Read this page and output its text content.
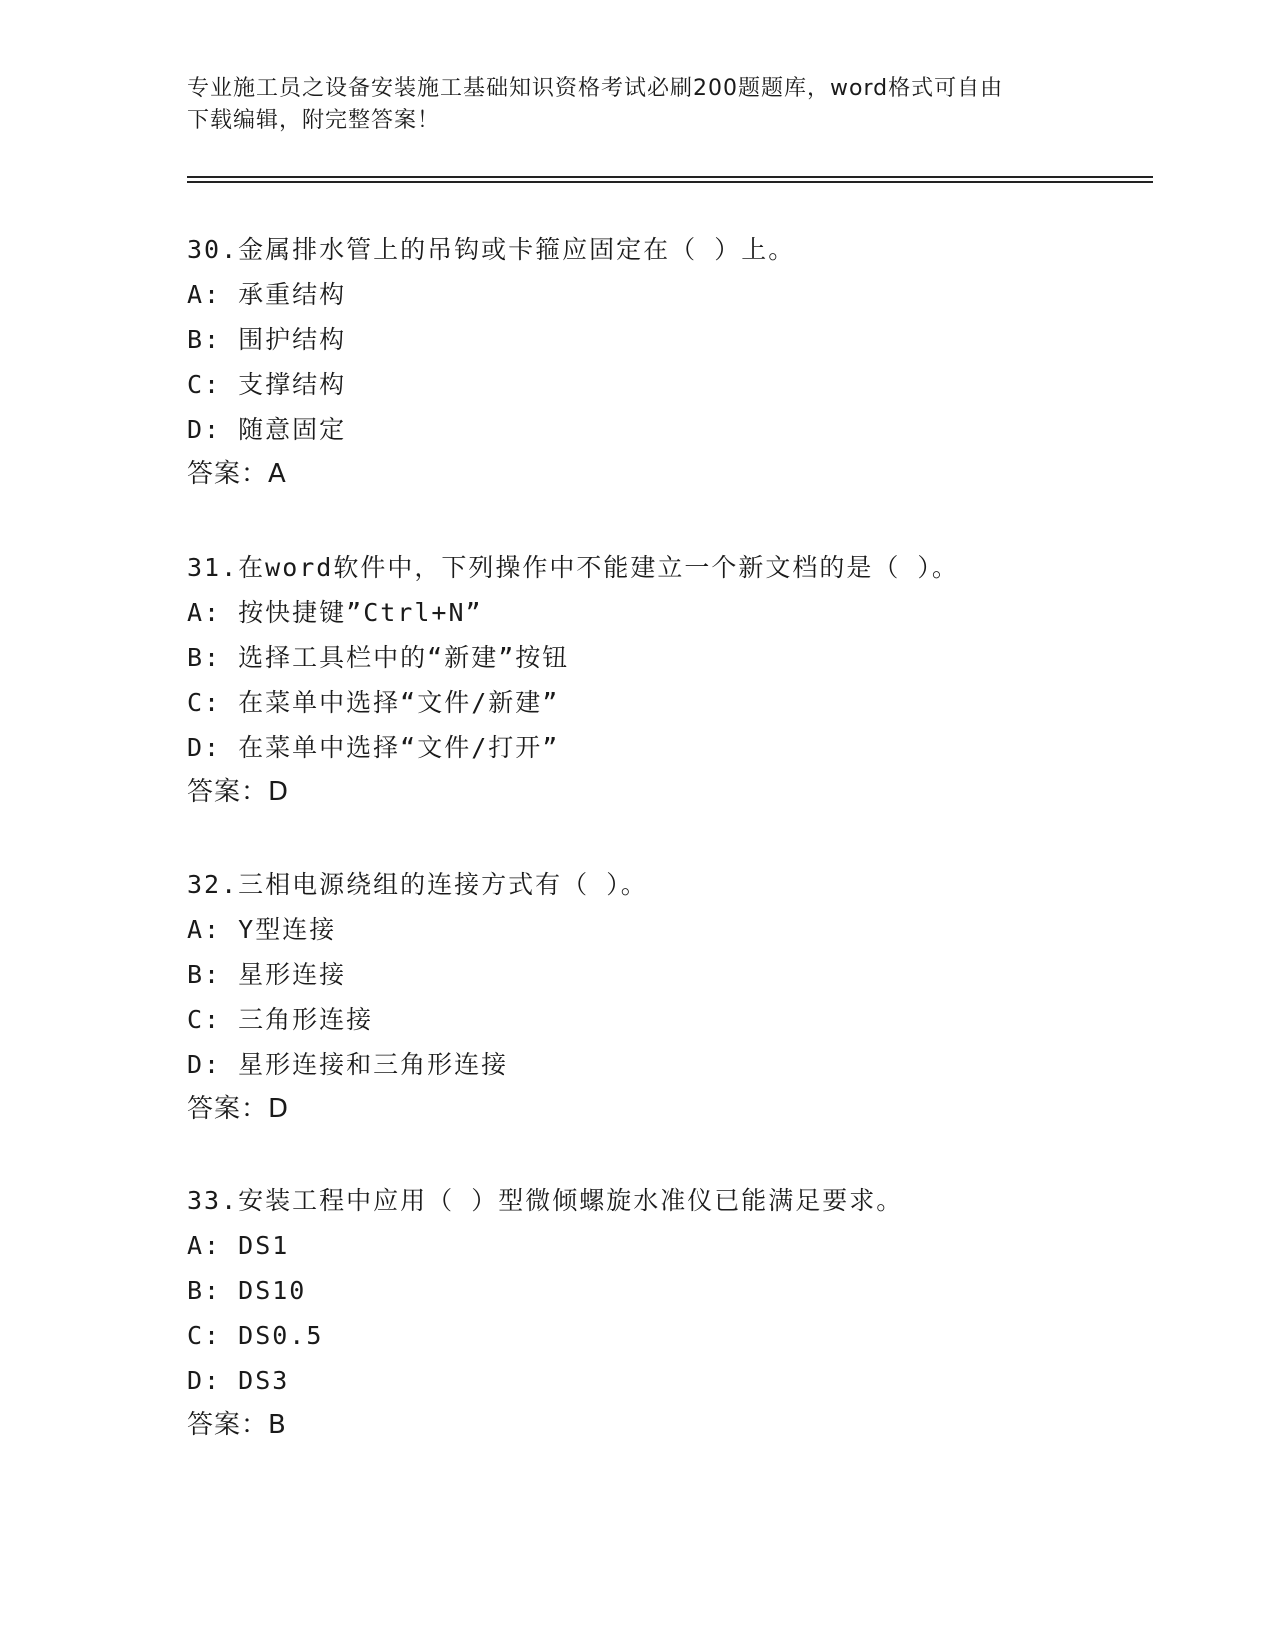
专业施工员之设备安装施工基础知识资格考试必刷200题题库，word格式可自由
下载编辑，附完整答案！
30.金属排水管上的吊钩或卡箍应固定在（ ）上。
A: 承重结构
B: 围护结构
C: 支撑结构
D: 随意固定
答案：A
31.在word软件中，下列操作中不能建立一个新文档的是（ ）。
A: 按快捷键”Ctrl+N”
B: 选择工具栏中的“新建”按钮
C: 在菜单中选择“文件/新建”
D: 在菜单中选择“文件/打开”
答案：D
32.三相电源绕组的连接方式有（ ）。
A: Y型连接
B: 星形连接
C: 三角形连接
D: 星形连接和三角形连接
答案：D
33.安装工程中应用（ ）型微倾螺旋水准仪已能满足要求。
A: DS1
B: DS10
C: DS0.5
D: DS3
答案：B
